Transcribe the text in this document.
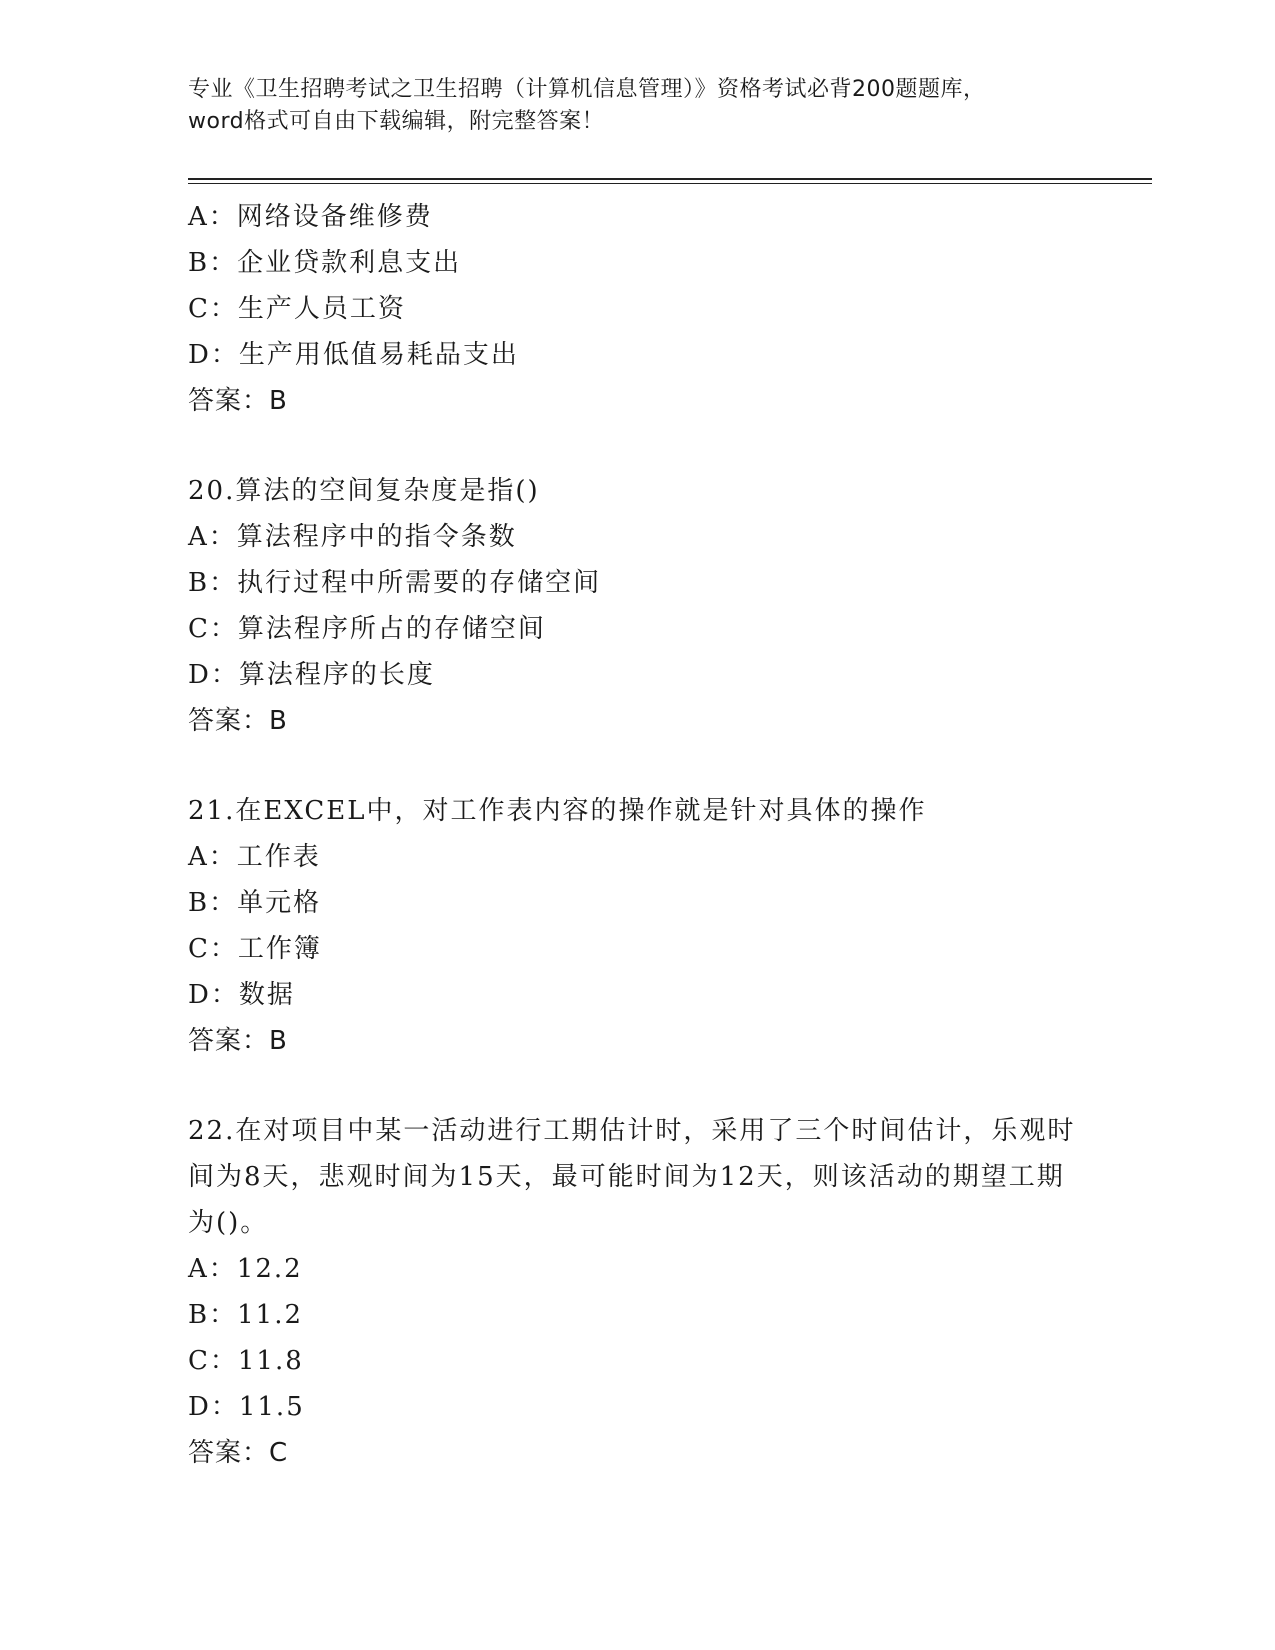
专业《卫生招聘考试之卫生招聘（计算机信息管理）》资格考试必背200题题库，
word格式可自由下载编辑，附完整答案！
A：网络设备维修费
B：企业贷款利息支出
C：生产人员工资
D：生产用低值易耗品支出
答案：B
20.算法的空间复杂度是指()
A：算法程序中的指令条数
B：执行过程中所需要的存储空间
C：算法程序所占的存储空间
D：算法程序的长度
答案：B
21.在EXCEL中，对工作表内容的操作就是针对具体的操作
A：工作表
B：单元格
C：工作簿
D：数据
答案：B
22.在对项目中某一活动进行工期估计时，采用了三个时间估计，乐观时间为8天，悲观时间为15天，最可能时间为12天，则该活动的期望工期为()。
A：12.2
B：11.2
C：11.8
D：11.5
答案：C
